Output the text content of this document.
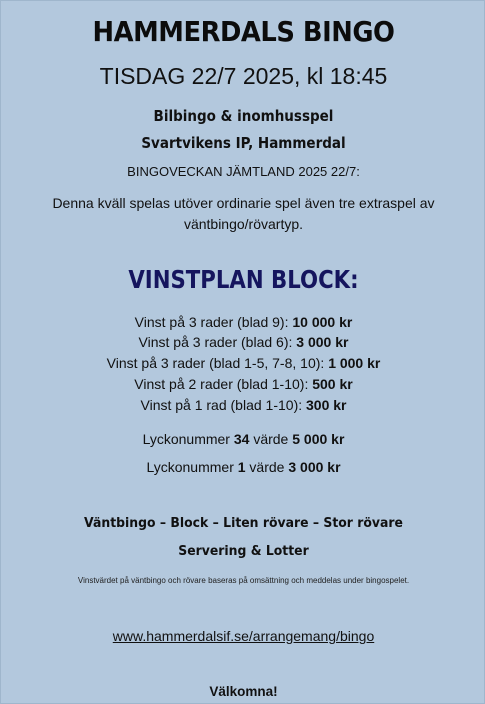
HAMMERDALS BINGO
TISDAG 22/7 2025, kl 18:45
Bilbingo & inomhusspel
Svartvikens IP, Hammerdal
BINGOVECKAN JÄMTLAND 2025 22/7:
Denna kväll spelas utöver ordinarie spel även tre extraspel av väntbingo/rövartyp.
VINSTPLAN BLOCK:
Vinst på 3 rader (blad 9): 10 000 kr
Vinst på 3 rader (blad 6): 3 000 kr
Vinst på 3 rader (blad 1-5, 7-8, 10): 1 000 kr
Vinst på 2 rader (blad 1-10): 500 kr
Vinst på 1 rad (blad 1-10): 300 kr
Lyckonummer 34 värde 5 000 kr
Lyckonummer 1 värde 3 000 kr
Väntbingo – Block – Liten rövare – Stor rövare
Servering & Lotter
Vinstvärdet på väntbingo och rövare baseras på omsättning och meddelas under bingospelet.
www.hammerdalsif.se/arrangemang/bingo
Välkomna!
